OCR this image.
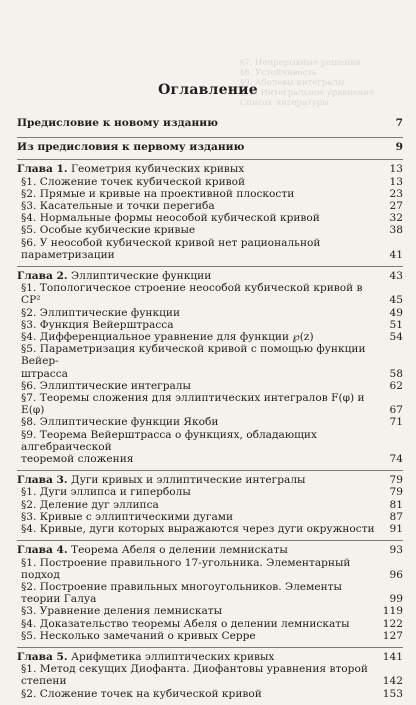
§7. Непрерывные решения
§8. Устойчивость
§9. Абелевы интегралы
§10. Интегральное уравнение
Список литературы
Оглавление
Предисловие к новому изданию	7
Из предисловия к первому изданию	9
Глава 1. Геометрия кубических кривых	13
§1. Сложение точек кубической кривой	13
§2. Прямые и кривые на проективной плоскости	23
§3. Касательные и точки перегиба	27
§4. Нормальные формы неособой кубической кривой	32
§5. Особые кубические кривые	38
§6. У неособой кубической кривой нет рациональной параметризации	41
Глава 2. Эллиптические функции	43
§1. Топологическое строение неособой кубической кривой в CP²	45
§2. Эллиптические функции	49
§3. Функция Вейерштрасса	51
§4. Дифференциальное уравнение для функции ℘(z)	54
§5. Параметризация кубической кривой с помощью функции Вейер-
штрасса	58
§6. Эллиптические интегралы	62
§7. Теоремы сложения для эллиптических интегралов F(φ) и E(φ)	67
§8. Эллиптические функции Якоби	71
§9. Теорема Вейерштрасса о функциях, обладающих алгебраической
теоремой сложения	74
Глава 3. Дуги кривых и эллиптические интегралы	79
§1. Дуги эллипса и гиперболы	79
§2. Деление дуг эллипса	81
§3. Кривые с эллиптическими дугами	87
§4. Кривые, дуги которых выражаются через дуги окружности	91
Глава 4. Теорема Абеля о делении лемнискаты	93
§1. Построение правильного 17-угольника. Элементарный подход	96
§2. Построение правильных многоугольников. Элементы теории Галуа	99
§3. Уравнение деления лемнискаты	119
§4. Доказательство теоремы Абеля о делении лемнискаты	122
§5. Несколько замечаний о кривых Серре	127
Глава 5. Арифметика эллиптических кривых	141
§1. Метод секущих Диофанта. Диофантовы уравнения второй степени	142
§2. Сложение точек на кубической кривой	153
